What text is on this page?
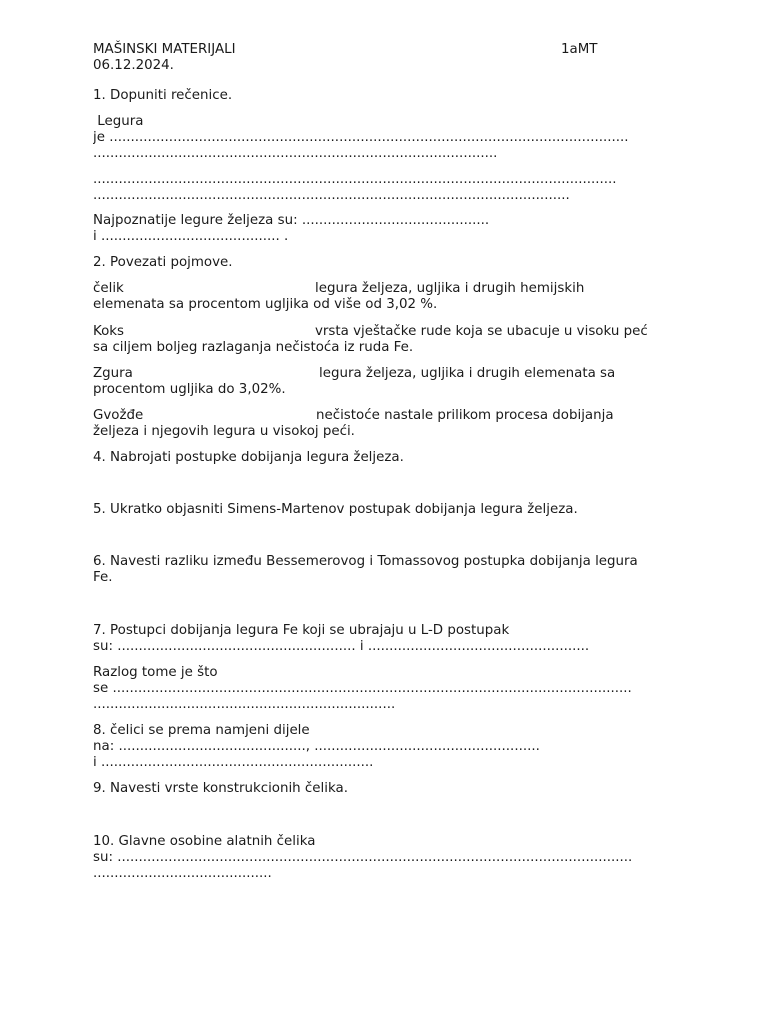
MAŠINSKI MATERIJALI	1aMT
06.12.2024.
1. Dopuniti rečenice.
Legura
je ..........................................................................................................................
...............................................................................................
...........................................................................................................................
................................................................................................................
Najpoznatije legure željeza su: ............................................
i .......................................... .
2. Povezati pojmove.
čelik	legura željeza, ugljika i drugih hemijskih
elemenata sa procentom ugljika od više od 3,02 %.
Koks	vrsta vještačke rude koja se ubacuje u visoku peć
sa ciljem boljeg razlaganja nečistoća iz ruda Fe.
Zgura	legura željeza, ugljika i drugih elemenata sa
procentom ugljika do 3,02%.
Gvožđe	nečistoće nastale prilikom procesa dobijanja
željeza i njegovih legura u visokoj peći.
4. Nabrojati postupke dobijanja legura željeza.
5. Ukratko objasniti Simens-Martenov postupak dobijanja legura željeza.
6. Navesti razliku između Bessemerovog i Tomassovog postupka dobijanja legura
Fe.
7. Postupci dobijanja legura Fe koji se ubrajaju u L-D postupak
su: ........................................................ i ....................................................
Razlog tome je što
se ..........................................................................................................................
.......................................................................
8. čelici se prema namjeni dijele
na: ............................................, .....................................................
i ................................................................
9. Navesti vrste konstrukcionih čelika.
10. Glavne osobine alatnih čelika
su: .........................................................................................................................
..........................................
